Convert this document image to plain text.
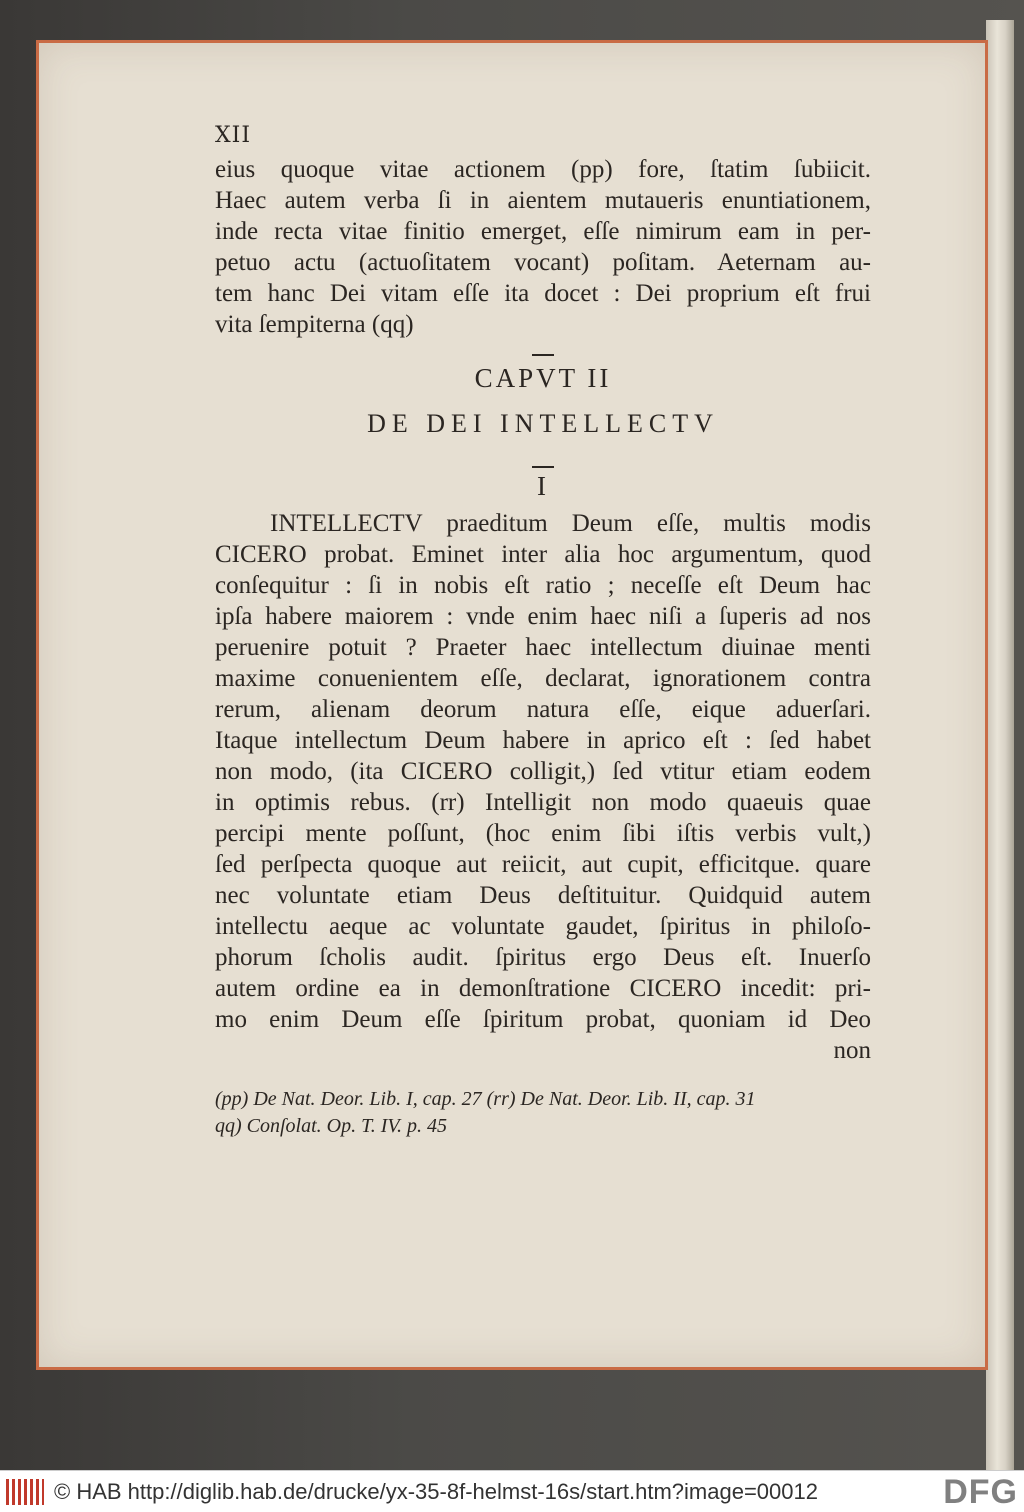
XII
eius quoque vitae actionem (pp) fore, ſtatim ſubiicit.
Haec autem verba ſi in aientem mutaueris enuntiationem,
inde recta vitae finitio emerget, eſſe nimirum eam in per-
petuo actu (actuoſitatem vocant) poſitam. Aeternam au-
tem hanc Dei vitam eſſe ita docet : Dei proprium eſt frui
vita ſempiterna (qq)
CAPVT II
DE DEI INTELLECTV
I
INTELLECTV praeditum Deum eſſe, multis modis
CICERO probat. Eminet inter alia hoc argumentum, quod
conſequitur : ſi in nobis eſt ratio ; neceſſe eſt Deum hac
ipſa habere maiorem : vnde enim haec niſi a ſuperis ad nos
peruenire potuit ? Praeter haec intellectum diuinae menti
maxime conuenientem eſſe, declarat, ignorationem contra
rerum, alienam deorum natura eſſe, eique aduerſari.
Itaque intellectum Deum habere in aprico eſt : ſed habet
non modo, (ita CICERO colligit,) ſed vtitur etiam eodem
in optimis rebus. (rr) Intelligit non modo quaeuis quae
percipi mente poſſunt, (hoc enim ſibi iſtis verbis vult,)
ſed perſpecta quoque aut reiicit, aut cupit, efficitque. quare
nec voluntate etiam Deus deſtituitur. Quidquid autem
intellectu aeque ac voluntate gaudet, ſpiritus in philoſo-
phorum ſcholis audit. ſpiritus ergo Deus eſt. Inuerſo
autem ordine ea in demonſtratione CICERO incedit: pri-
mo enim Deum eſſe ſpiritum probat, quoniam id Deo
non
(pp) De Nat. Deor. Lib. I, cap. 27 (rr) De Nat. Deor. Lib. II, cap. 31
qq) Conſolat. Op. T. IV. p. 45
© HAB http://diglib.hab.de/drucke/yx-35-8f-helmst-16s/start.htm?image=00012	DFG
